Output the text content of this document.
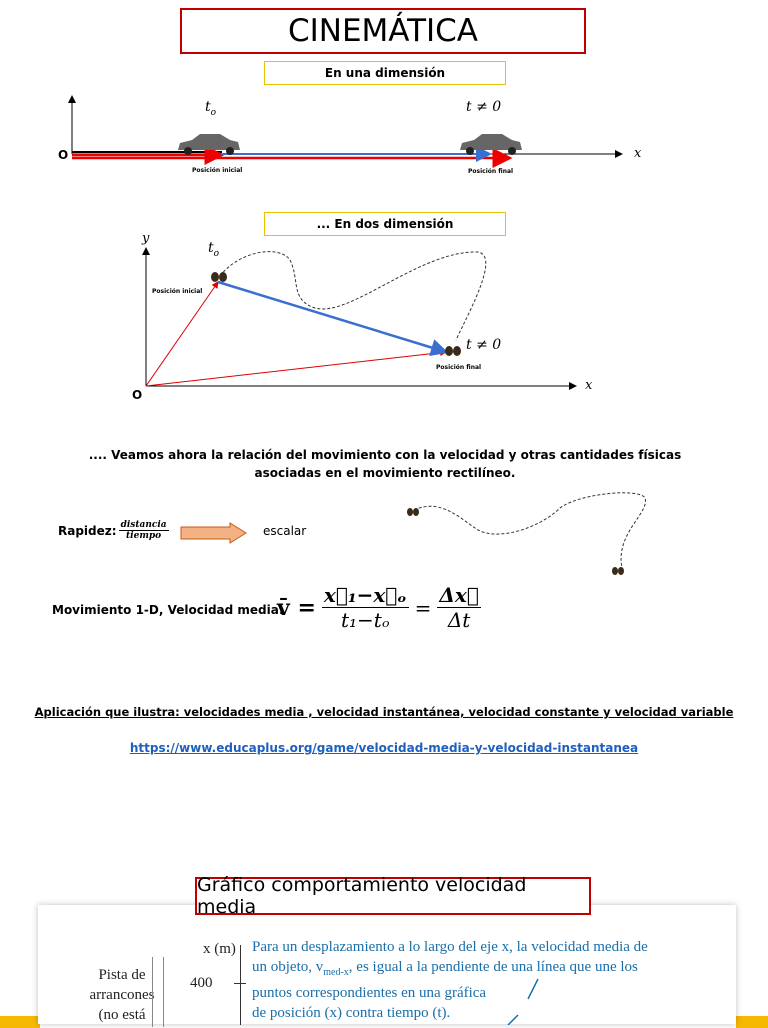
CINEMÁTICA
En una dimensión
O	x
$t_o$	t ≠ 0
Posición inicial	Posición final
... En dos dimensión
y
x
O
$t_o$
t ≠ 0
Posición inicial
Posición final
.... Veamos ahora la relación del movimiento con la velocidad y otras cantidades físicas
asociadas en el movimiento rectilíneo.
Rapidez: $\frac{\text{distancia}}{\text{tiempo}}$	escalar
Movimiento 1-D, Velocidad media:
v̄ = $\frac{\text{x⃗₁−x⃗ₒ}}{\text{t₁−tₒ}} = \frac{\Delta x⃗}{\Delta t}$
Aplicación que ilustra: velocidades media , velocidad instantánea, velocidad constante y velocidad variable
https://www.educaplus.org/game/velocidad-media-y-velocidad-instantanea
Pista de
arrancones
(no está
x (m)
400
Para un desplazamiento a lo largo del eje x, la velocidad media de
un objeto, $v_{med-x}$, es igual a la pendiente de una línea que une los
puntos correspondientes en una gráfica
de posición (x) contra tiempo (t).
Gráfico comportamiento velocidad media
